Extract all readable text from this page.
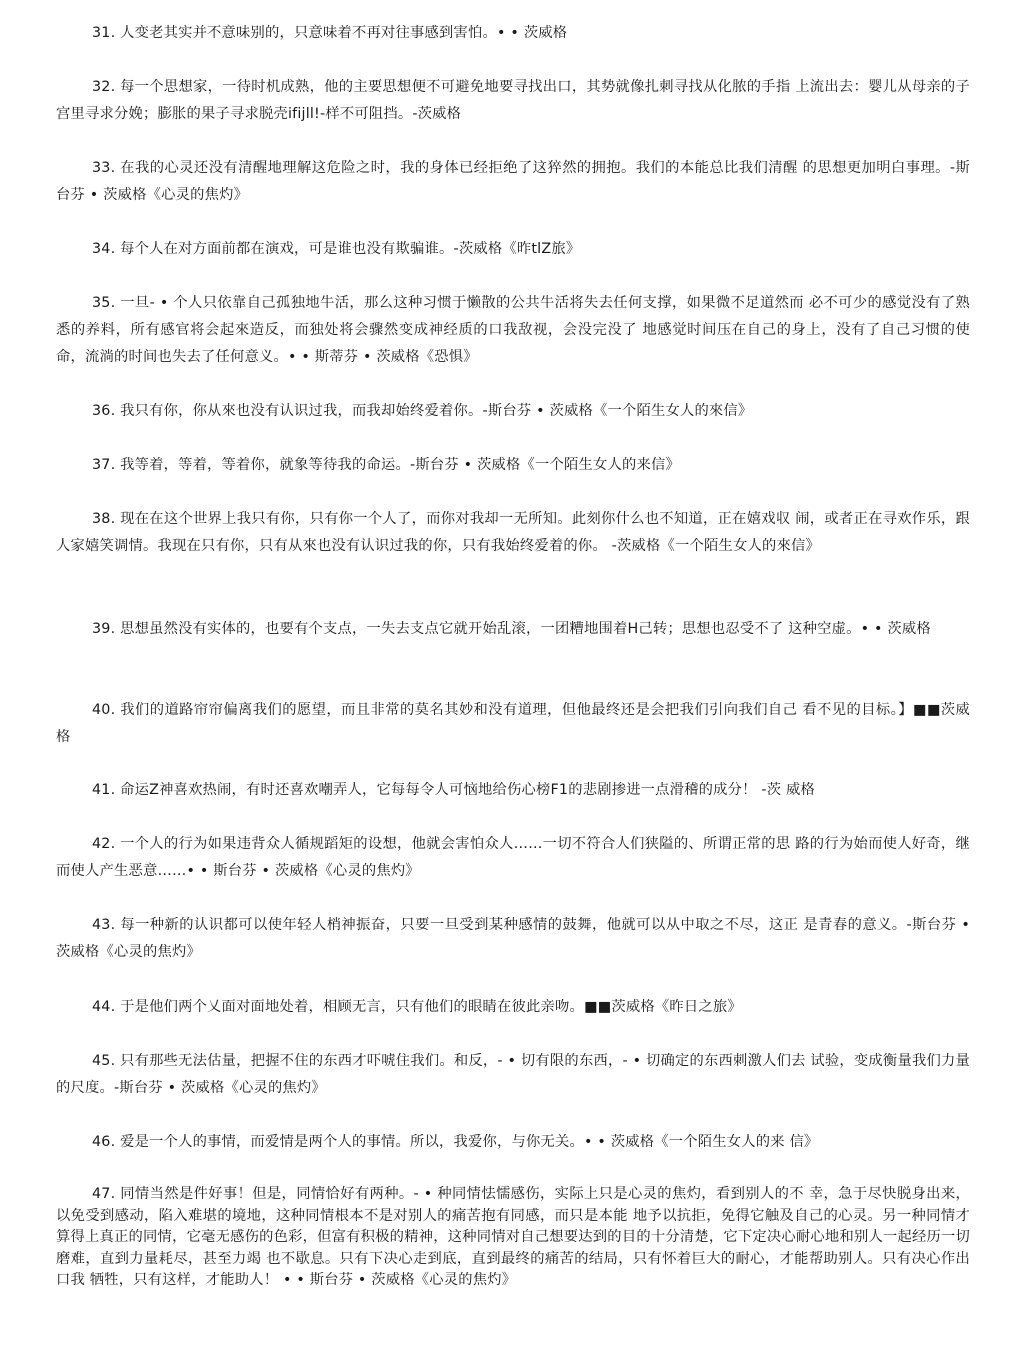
31. 人变老其实并不意味别的，只意味着不再对往事感到害怕。• • 茨威格

32. 每一个思想家，一待时机成熟，他的主要思想便不可避免地要寻找出口，其势就像扎刺寻找从化脓的手指 上流出去：婴儿从母亲的子宫里寻求分娩；膨胀的果子寻求脱壳ifijll!-样不可阻挡。-茨威格

33. 在我的心灵还没有清醒地理解这危险之时，我的身体已经拒绝了这猝然的拥抱。我们的本能总比我们清醒 的思想更加明白事理。-斯台芬 • 茨威格《心灵的焦灼》

34. 每个人在对方面前都在演戏，可是谁也没有欺骗谁。-茨威格《昨tlZ旅》

35. 一旦- • 个人只依靠自己孤独地牛活，那么这种习惯于懒散的公共牛活将失去任何支撑，如果微不足道然而 必不可少的感觉没有了熟悉的养料，所有感官将会起來造反，而独处将会骤然变成神经质的口我敌视，会没完没了 地感觉时间压在自己的身上，没有了自己习惯的使命，流淌的时间也失去了任何意义。• • 斯蒂芬 • 茨威格《恐惧》

36. 我只有你，你从來也没有认识过我，而我却始终爱着你。-斯台芬 • 茨威格《一个陌生女人的來信》

37. 我等着，等着，等着你，就象等待我的命运。-斯台芬 • 茨威格《一个陌生女人的来信》

38. 现在在这个世界上我只有你，只有你一个人了，而你对我却一无所知。此刻你什么也不知道，正在嬉戏収 闹，或者正在寻欢作乐，跟人家嬉笑调情。我现在只有你，只有从來也没有认识过我的你，只有我始终爱着的你。 -茨威格《一个陌生女人的來信》

39. 思想虽然没有实体的，也要有个支点，一失去支点它就开始乱滚，一团糟地围着H己转；思想也忍受不了 这种空虚。• • 茨威格

40. 我们的道路帘帘偏离我们的愿望，而且非常的莫名其妙和没有道理，但他最终还是会把我们引向我们自己 看不见的目标。】■■茨威格

41. 命运Z神喜欢热闹，有时还喜欢嘲弄人，它每每令人可恼地给伤心榜F1的悲剧掺进一点滑稽的成分！ -茨 威格

42. 一个人的行为如果违背众人循规蹈矩的设想，他就会害怕众人……一切不符合人们狭隘的、所谓正常的思 路的行为始而使人好奇，继而使人产生恶意……• • 斯台芬 • 茨威格《心灵的焦灼》

43. 每一种新的认识都可以使年轻人梢神振奋，只要一旦受到某种感情的鼓舞，他就可以从中取之不尽，这正 是青春的意义。-斯台芬 • 茨威格《心灵的焦灼》

44. 于是他们两个乂面对面地处着，相顾无言，只有他们的眼睛在彼此亲吻。■■茨威格《昨日之旅》

45. 只有那些无法估量，把握不住的东西才吓唬住我们。和反，- • 切有限的东西，- • 切确定的东西刺激人们去 试验，变成衡量我们力量的尺度。-斯台芬 • 茨威格《心灵的焦灼》

46. 爱是一个人的事情，而爱情是两个人的事情。所以，我爱你，与你无关。• • 茨威格《一个陌生女人的来 信》

47. 同情当然是件好事！但是，同情恰好有两种。- • 种同情怯懦感伤，实际上只是心灵的焦灼，看到别人的不 幸，急于尽快脱身出来，以免受到感动，陷入难堪的境地，这种同情根本不是对别人的痛苦抱有同感，而只是本能 地予以抗拒，免得它触及自己的心灵。另一种同情才算得上真正的同情，它毫无感伤的色彩，但富有积极的精神，这种同情对自己想要达到的目的十分清楚，它下定决心耐心地和别人一起经历一切磨难，直到力量耗尽，甚至力竭 也不歇息。只有下决心走到底，直到最终的痛苦的结局，只有怀着巨大的耐心，才能帮助别人。只有决心作出口我 牺牲，只有这样，才能助人！ • • 斯台芬 • 茨威格《心灵的焦灼》
